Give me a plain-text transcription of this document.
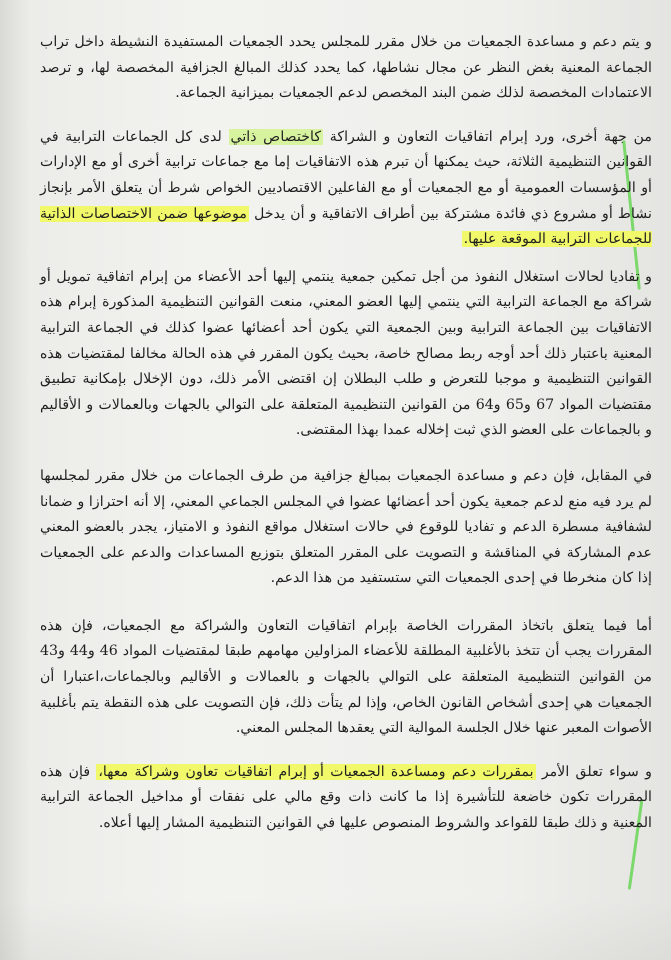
و يتم دعم و مساعدة الجمعيات من خلال مقرر للمجلس يحدد الجمعيات المستفيدة النشيطة داخل تراب الجماعة المعنية بغض النظر عن مجال نشاطها، كما يحدد كذلك المبالغ الجزافية المخصصة لها، و ترصد الاعتمادات المخصصة لذلك ضمن البند المخصص لدعم الجمعيات بميزانية الجماعة.

من جهة أخرى، ورد إبرام اتفاقيات التعاون و الشراكة كاختصاص ذاتي لدى كل الجماعات الترابية في القوانين التنظيمية الثلاثة، حيث يمكنها أن تبرم هذه الاتفاقيات إما مع جماعات ترابية أخرى أو مع الإدارات أو المؤسسات العمومية أو مع الجمعيات أو مع الفاعلين الاقتصاديين الخواص شرط أن يتعلق الأمر بإنجاز نشاط أو مشروع ذي فائدة مشتركة بين أطراف الاتفاقية و أن يدخل موضوعها ضمن الاختصاصات الذاتية للجماعات الترابية الموقعة عليها.

و تفاديا لحالات استغلال النفوذ من أجل تمكين جمعية ينتمي إليها أحد الأعضاء من إبرام اتفاقية تمويل أو شراكة مع الجماعة الترابية التي ينتمي إليها العضو المعني، منعت القوانين التنظيمية المذكورة إبرام هذه الاتفاقيات بين الجماعة الترابية وبين الجمعية التي يكون أحد أعضائها عضوا كذلك في الجماعة الترابية المعنية باعتبار ذلك أحد أوجه ربط مصالح خاصة، بحيث يكون المقرر في هذه الحالة مخالفا لمقتضيات هذه القوانين التنظيمية و موجبا للتعرض و طلب البطلان إن اقتضى الأمر ذلك، دون الإخلال بإمكانية تطبيق مقتضيات المواد 67 و65 و64 من القوانين التنظيمية المتعلقة على التوالي بالجهات وبالعمالات و الأقاليم و بالجماعات على العضو الذي ثبت إخلاله عمدا بهذا المقتضى.

في المقابل، فإن دعم و مساعدة الجمعيات بمبالغ جزافية من طرف الجماعات من خلال مقرر لمجلسها لم يرد فيه منع لدعم جمعية يكون أحد أعضائها عضوا في المجلس الجماعي المعني، إلا أنه احترازا و ضمانا لشفافية مسطرة الدعم و تفاديا للوقوع في حالات استغلال مواقع النفوذ و الامتياز، يجدر بالعضو المعني عدم المشاركة في المناقشة و التصويت على المقرر المتعلق بتوزيع المساعدات والدعم على الجمعيات إذا كان منخرطا في إحدى الجمعيات التي ستستفيد من هذا الدعم.

أما فيما يتعلق باتخاذ المقررات الخاصة بإبرام اتفاقيات التعاون والشراكة مع الجمعيات، فإن هذه المقررات يجب أن تتخذ بالأغلبية المطلقة للأعضاء المزاولين مهامهم طبقا لمقتضيات المواد 46 و44 و43 من القوانين التنظيمية المتعلقة على التوالي بالجهات و بالعمالات و الأقاليم وبالجماعات،اعتبارا أن الجمعيات هي إحدى أشخاص القانون الخاص، وإذا لم يتأت ذلك، فإن التصويت على هذه النقطة يتم بأغلبية الأصوات المعبر عنها خلال الجلسة الموالية التي يعقدها المجلس المعني.

و سواء تعلق الأمر بمقررات دعم ومساعدة الجمعيات أو إبرام اتفاقيات تعاون وشراكة معها، فإن هذه المقررات تكون خاضعة للتأشيرة إذا ما كانت ذات وقع مالي على نفقات أو مداخيل الجماعة الترابية المعنية و ذلك طبقا للقواعد والشروط المنصوص عليها في القوانين التنظيمية المشار إليها أعلاه.
